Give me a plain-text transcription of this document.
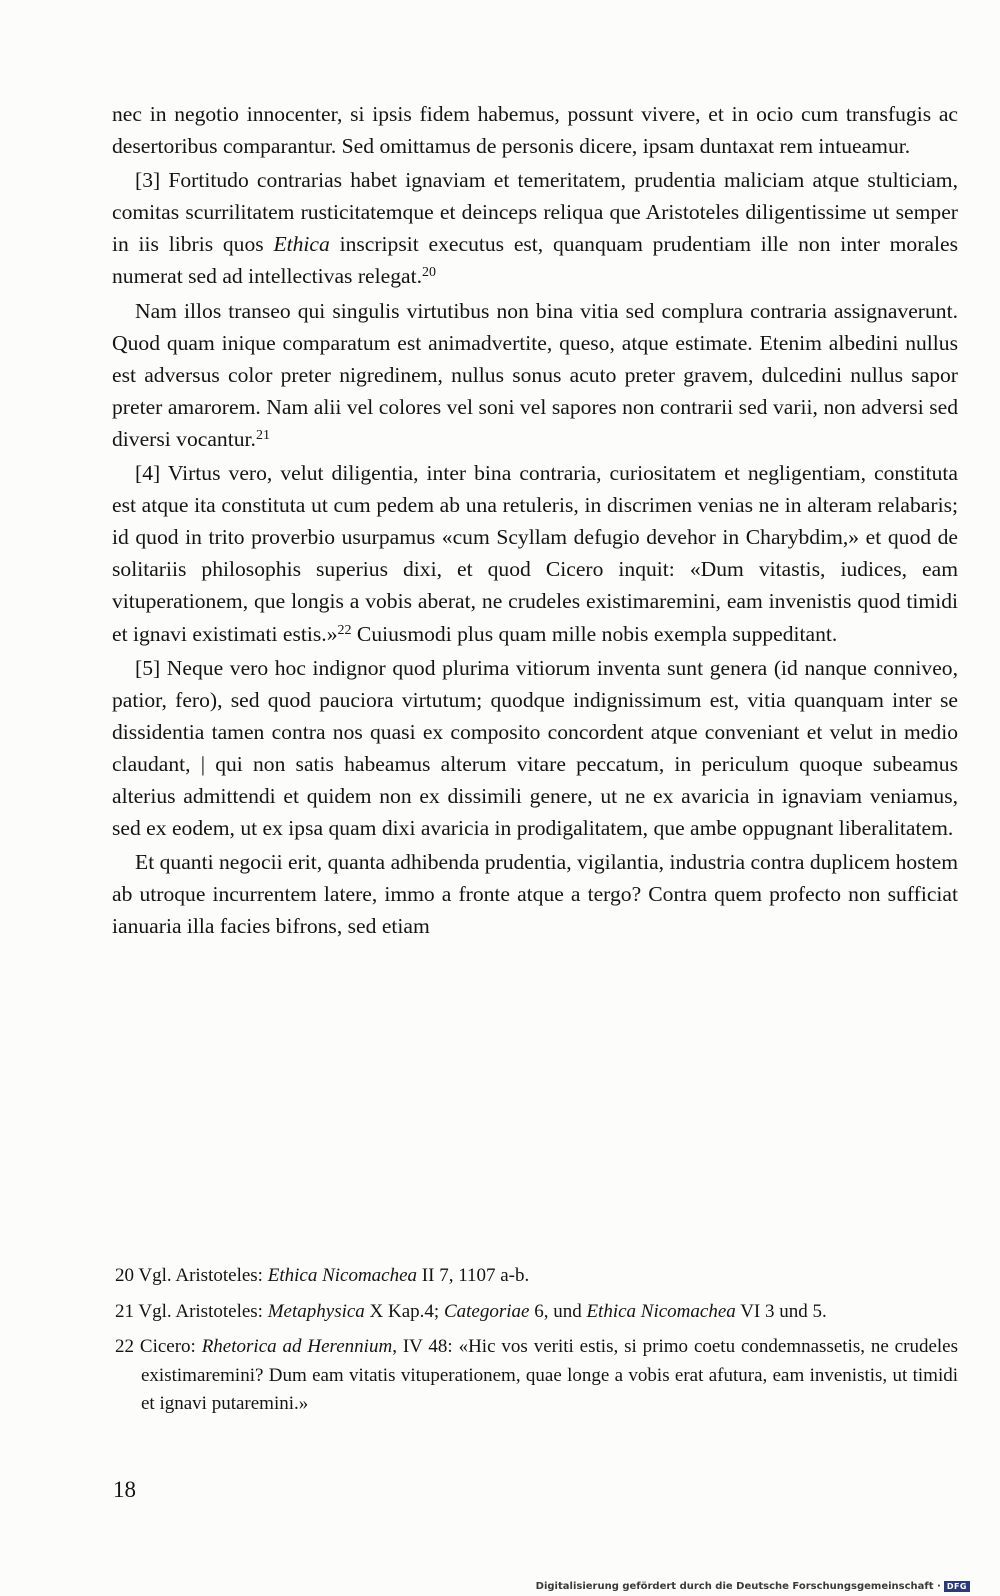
nec in negotio innocenter, si ipsis fidem habemus, possunt vivere, et in ocio cum transfugis ac desertoribus comparantur. Sed omittamus de personis dicere, ipsam duntaxat rem intueamur.

[3] Fortitudo contrarias habet ignaviam et temeritatem, prudentia maliciam atque stulticiam, comitas scurrilitatem rusticitatemque et deinceps reliqua que Aristoteles diligentissime ut semper in iis libris quos Ethica inscripsit executus est, quanquam prudentiam ille non inter morales numerat sed ad intellectivas relegat.$^{20}$

Nam illos transeo qui singulis virtutibus non bina vitia sed complura contraria assignaverunt. Quod quam inique comparatum est animadvertite, queso, atque estimate. Etenim albedini nullus est adversus color preter nigredinem, nullus sonus acuto preter gravem, dulcedini nullus sapor preter amarorem. Nam alii vel colores vel soni vel sapores non contrarii sed varii, non adversi sed diversi vocantur.$^{21}$

[4] Virtus vero, velut diligentia, inter bina contraria, curiositatem et negligentiam, constituta est atque ita constituta ut cum pedem ab una retuleris, in discrimen venias ne in alteram relabaris; id quod in trito proverbio usurpamus «cum Scyllam defugio devehor in Charybdim,» et quod de solitariis philosophis superius dixi, et quod Cicero inquit: «Dum vitastis, iudices, eam vituperationem, que longis a vobis aberat, ne crudeles existimaremini, eam invenistis quod timidi et ignavi existimati estis.»$^{22}$ Cuiusmodi plus quam mille nobis exempla suppeditant.

[5] Neque vero hoc indignor quod plurima vitiorum inventa sunt genera (id nanque conniveo, patior, fero), sed quod pauciora virtutum; quodque indignissimum est, vitia quanquam inter se dissidentia tamen contra nos quasi ex composito concordent atque conveniant et velut in medio claudant, | qui non satis habeamus alterum vitare peccatum, in periculum quoque subeamus alterius admittendi et quidem non ex dissimili genere, ut ne ex avaricia in ignaviam veniamus, sed ex eodem, ut ex ipsa quam dixi avaricia in prodigalitatem, que ambe oppugnant liberalitatem.

Et quanti negocii erit, quanta adhibenda prudentia, vigilantia, industria contra duplicem hostem ab utroque incurrentem latere, immo a fronte atque a tergo? Contra quem profecto non sufficiat ianuaria illa facies bifrons, sed etiam

20 Vgl. Aristoteles: Ethica Nicomachea II 7, 1107 a-b.

21 Vgl. Aristoteles: Metaphysica X Kap.4; Categoriae 6, und Ethica Nicomachea VI 3 und 5.

22 Cicero: Rhetorica ad Herennium, IV 48: «Hic vos veriti estis, si primo coetu condemnassetis, ne crudeles existimaremini? Dum eam vitatis vituperationem, quae longe a vobis erat afutura, eam invenistis, ut timidi et ignavi putaremini.»

18
Digitalisierung gefördert durch die Deutsche Forschungsgemeinschaft · DFG
